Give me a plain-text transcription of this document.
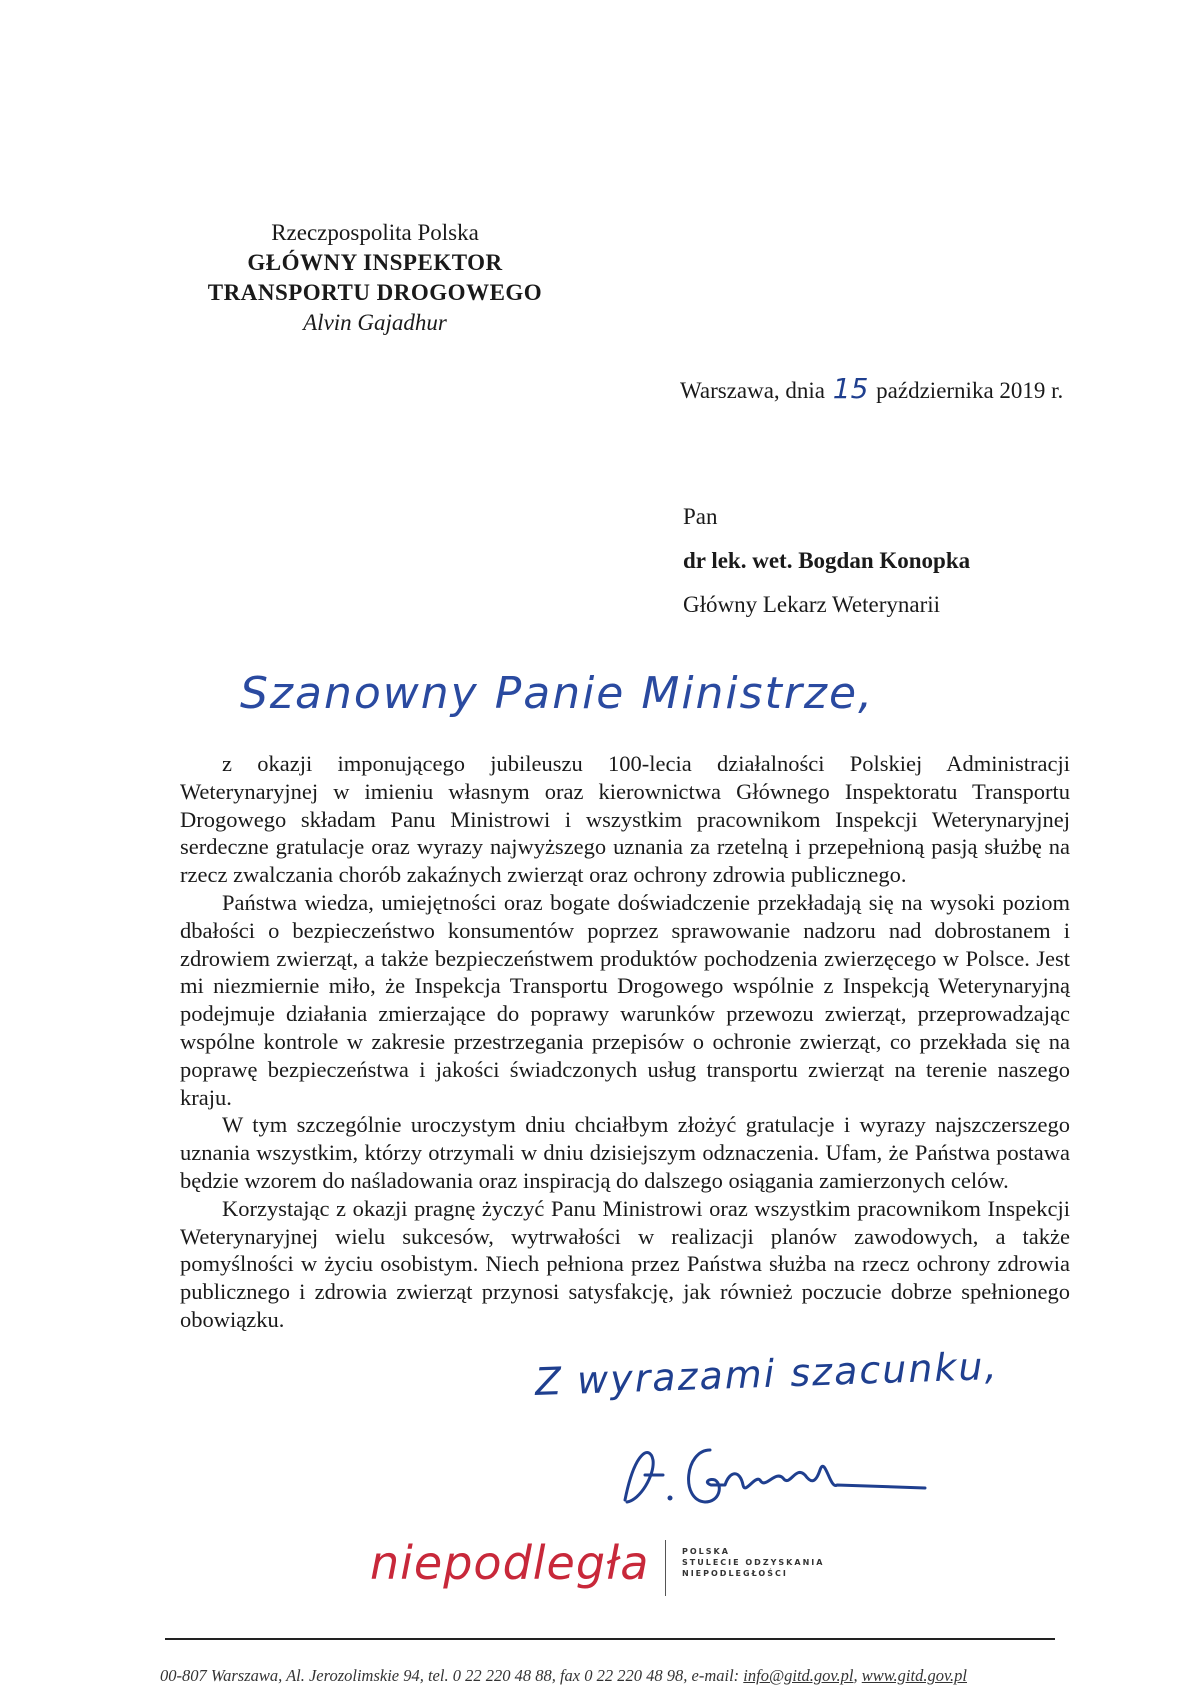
Rzeczpospolita Polska
GŁÓWNY INSPEKTOR
TRANSPORTU DROGOWEGO
Alvin Gajadhur
Warszawa, dnia 15 października 2019 r.
Pan
dr lek. wet. Bogdan Konopka
Główny Lekarz Weterynarii
Szanowny Panie Ministrze,

z okazji imponującego jubileuszu 100-lecia działalności Polskiej Administracji Weterynaryjnej w imieniu własnym oraz kierownictwa Głównego Inspektoratu Transportu Drogowego składam Panu Ministrowi i wszystkim pracownikom Inspekcji Weterynaryjnej serdeczne gratulacje oraz wyrazy najwyższego uznania za rzetelną i przepełnioną pasją służbę na rzecz zwalczania chorób zakaźnych zwierząt oraz ochrony zdrowia publicznego.

Państwa wiedza, umiejętności oraz bogate doświadczenie przekładają się na wysoki poziom dbałości o bezpieczeństwo konsumentów poprzez sprawowanie nadzoru nad dobrostanem i zdrowiem zwierząt, a także bezpieczeństwem produktów pochodzenia zwierzęcego w Polsce. Jest mi niezmiernie miło, że Inspekcja Transportu Drogowego wspólnie z Inspekcją Weterynaryjną podejmuje działania zmierzające do poprawy warunków przewozu zwierząt, przeprowadzając wspólne kontrole w zakresie przestrzegania przepisów o ochronie zwierząt, co przekłada się na poprawę bezpieczeństwa i jakości świadczonych usług transportu zwierząt na terenie naszego kraju.

W tym szczególnie uroczystym dniu chciałbym złożyć gratulacje i wyrazy najszczerszego uznania wszystkim, którzy otrzymali w dniu dzisiejszym odznaczenia. Ufam, że Państwa postawa będzie wzorem do naśladowania oraz inspiracją do dalszego osiągania zamierzonych celów.

Korzystając z okazji pragnę życzyć Panu Ministrowi oraz wszystkim pracownikom Inspekcji Weterynaryjnej wielu sukcesów, wytrwałości w realizacji planów zawodowych, a także pomyślności w życiu osobistym. Niech pełniona przez Państwa służba na rzecz ochrony zdrowia publicznego i zdrowia zwierząt przynosi satysfakcję, jak również poczucie dobrze spełnionego obowiązku.

Z wyrazami szacunku,
niepodległa	POLSKA
STULECIE ODZYSKANIA
NIEPODLEGŁOŚCI
00-807 Warszawa, Al. Jerozolimskie 94, tel. 0 22 220 48 88, fax 0 22 220 48 98, e-mail: info@gitd.gov.pl, www.gitd.gov.pl
